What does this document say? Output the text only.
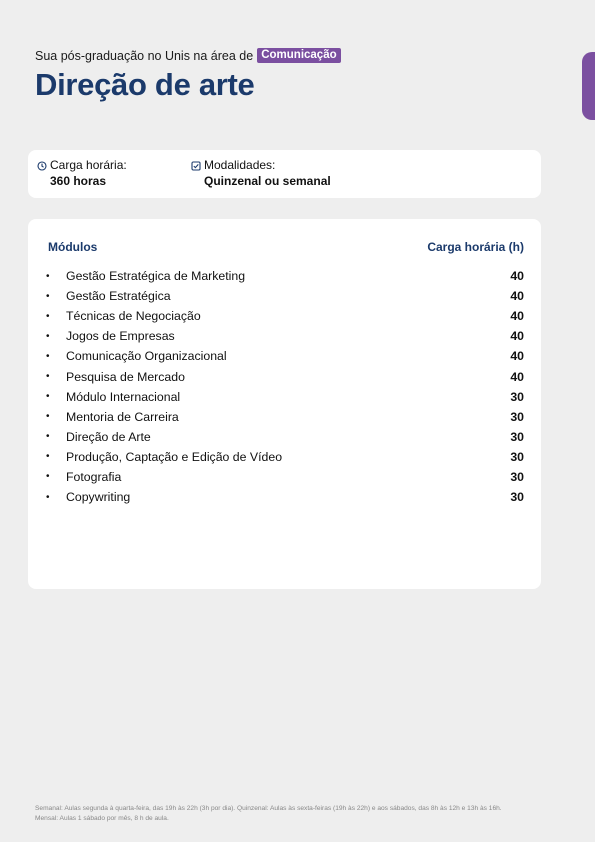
Sua pós-graduação no Unis na área de Comunicação
Direção de arte
Carga horária:
360 horas
Modalidades:
Quinzenal ou semanal
Módulos	Carga horária (h)
•	Gestão Estratégica de Marketing	40
•	Gestão Estratégica	40
•	Técnicas de Negociação	40
•	Jogos de Empresas	40
•	Comunicação Organizacional	40
•	Pesquisa de Mercado	40
•	Módulo Internacional	30
•	Mentoria de Carreira	30
•	Direção de Arte	30
•	Produção, Captação e Edição de Vídeo	30
•	Fotografia	30
•	Copywriting	30
Semanal: Aulas segunda à quarta-feira, das 19h às 22h (3h por dia). Quinzenal: Aulas às sexta-feiras (19h às 22h) e aos sábados, das 8h às 12h e 13h às 16h.
Mensal: Aulas 1 sábado por mês, 8 h de aula.
